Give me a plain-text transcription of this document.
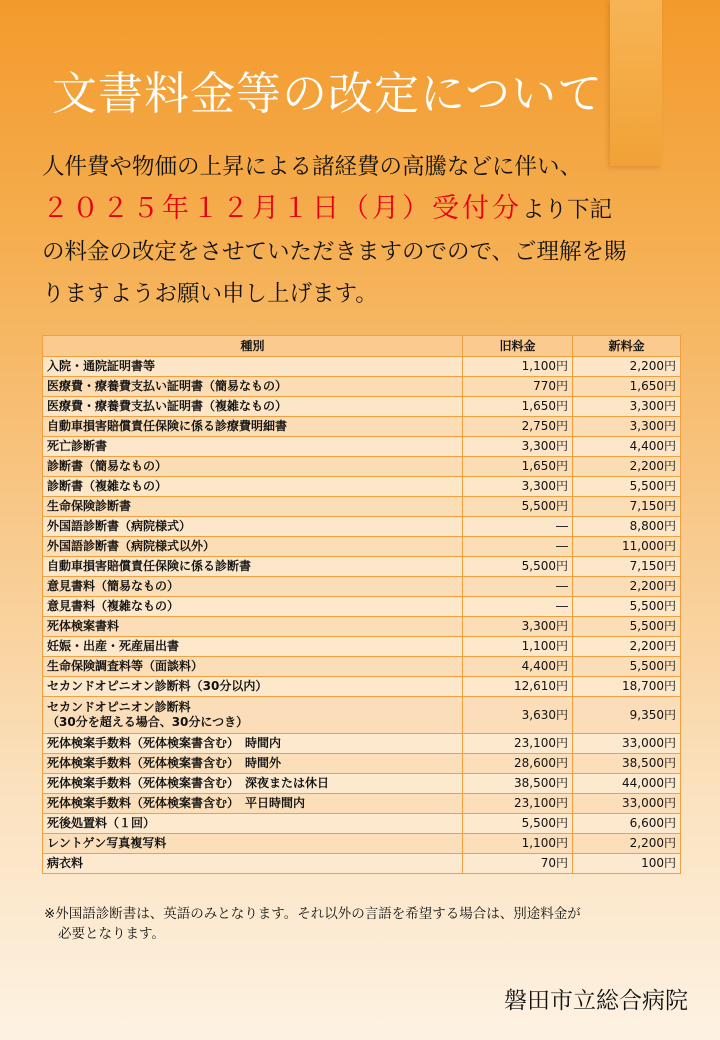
文書料金等の改定について
人件費や物価の上昇による諸経費の高騰などに伴い、
２０２５年１２月１日（月）受付分より下記
の料金の改定をさせていただきますのでので、ご理解を賜
りますようお願い申し上げます。
種別	旧料金	新料金
入院・通院証明書等	1,100円	2,200円
医療費・療養費支払い証明書（簡易なもの）	770円	1,650円
医療費・療養費支払い証明書（複雑なもの）	1,650円	3,300円
自動車損害賠償責任保険に係る診療費明細書	2,750円	3,300円
死亡診断書	3,300円	4,400円
診断書（簡易なもの）	1,650円	2,200円
診断書（複雑なもの）	3,300円	5,500円
生命保険診断書	5,500円	7,150円
外国語診断書（病院様式）	―	8,800円
外国語診断書（病院様式以外）	―	11,000円
自動車損害賠償責任保険に係る診断書	5,500円	7,150円
意見書料（簡易なもの）	―	2,200円
意見書料（複雑なもの）	―	5,500円
死体検案書料	3,300円	5,500円
妊娠・出産・死産届出書	1,100円	2,200円
生命保険調査料等（面談料）	4,400円	5,500円
セカンドオピニオン診断料（30分以内）	12,610円	18,700円
セカンドオピニオン診断料
（30分を超える場合、30分につき）	3,630円	9,350円
死体検案手数料（死体検案書含む）　時間内	23,100円	33,000円
死体検案手数料（死体検案書含む）　時間外	28,600円	38,500円
死体検案手数料（死体検案書含む）　深夜または休日	38,500円	44,000円
死体検案手数料（死体検案書含む）　平日時間内	23,100円	33,000円
死後処置料（１回）	5,500円	6,600円
レントゲン写真複写料	1,100円	2,200円
病衣料	70円	100円
※外国語診断書は、英語のみとなります。それ以外の言語を希望する場合は、別途料金が
必要となります。
磐田市立総合病院
